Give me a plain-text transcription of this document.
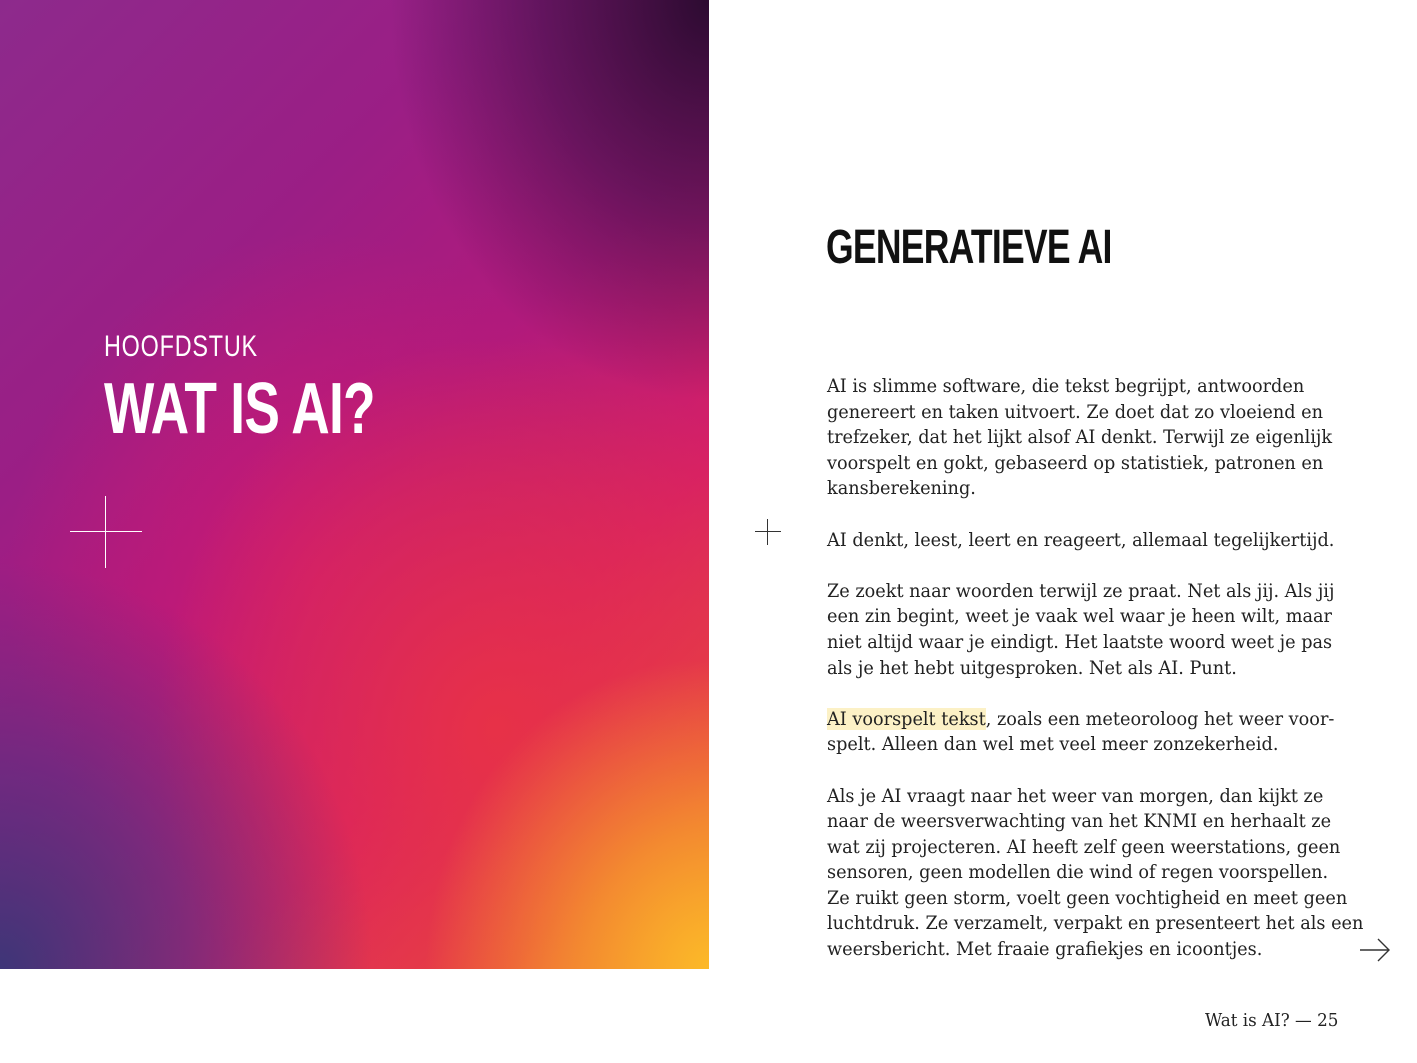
HOOFDSTUK
WAT IS AI?
GENERATIEVE AI

AI is slimme software, die tekst begrijpt, antwoorden
genereert en taken uitvoert. Ze doet dat zo vloeiend en
trefzeker, dat het lijkt alsof AI denkt. Terwijl ze eigenlijk
voorspelt en gokt, gebaseerd op statistiek, patronen en
kansberekening.

AI denkt, leest, leert en reageert, allemaal tegelijkertijd.

Ze zoekt naar woorden terwijl ze praat. Net als jij. Als jij
een zin begint, weet je vaak wel waar je heen wilt, maar
niet altijd waar je eindigt. Het laatste woord weet je pas
als je het hebt uitgesproken. Net als AI. Punt.

AI voorspelt tekst, zoals een meteoroloog het weer voor-
spelt. Alleen dan wel met veel meer zonzekerheid.

Als je AI vraagt naar het weer van morgen, dan kijkt ze
naar de weersverwachting van het KNMI en herhaalt ze
wat zij projecteren. AI heeft zelf geen weerstations, geen
sensoren, geen modellen die wind of regen voorspellen.
Ze ruikt geen storm, voelt geen vochtigheid en meet geen
luchtdruk. Ze verzamelt, verpakt en presenteert het als een
weersbericht. Met fraaie grafiekjes en icoontjes.

Wat is AI? — 25
